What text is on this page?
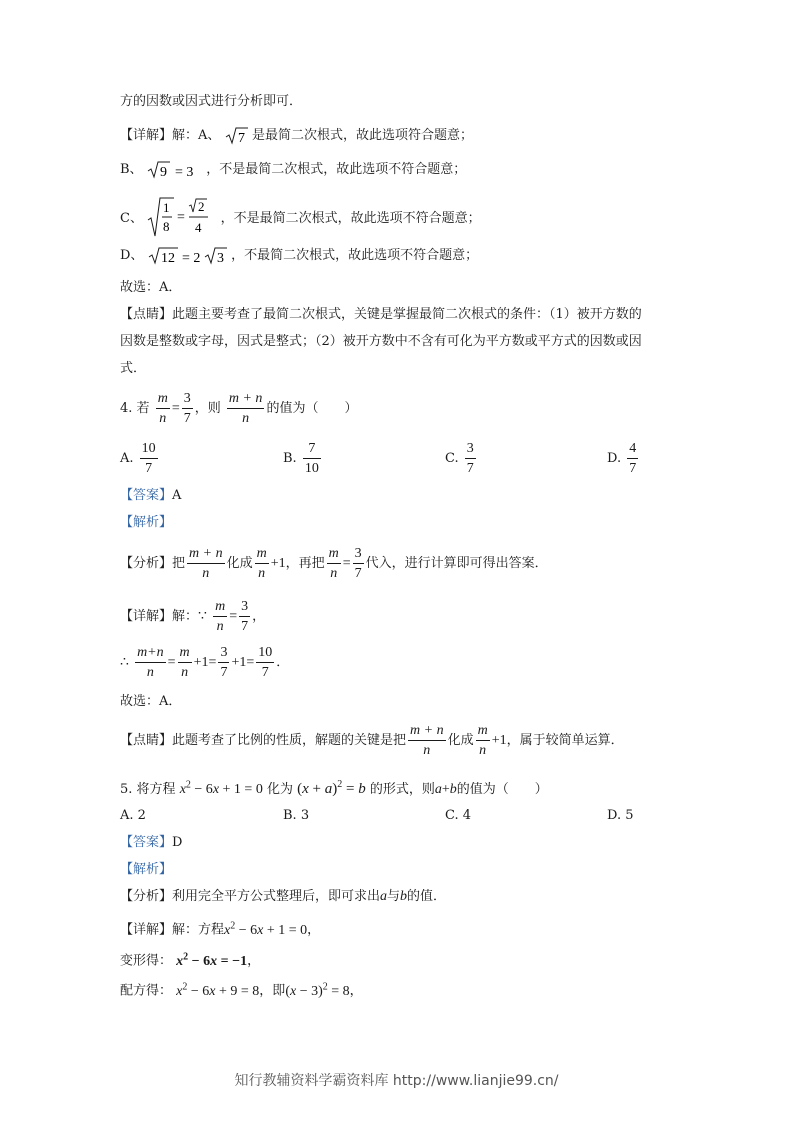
方的因数或因式进行分析即可．
【详解】解：A、 7 是最简二次根式，故此选项符合题意；
B、 9 = 3 ，不是最简二次根式，故此选项不符合题意；
C、
1
8
=
2
4
，不是最简二次根式，故此选项不符合题意；
D、 12 = 2 3 ，不最简二次根式，故此选项不符合题意；
故选：A．
【点睛】此题主要考查了最简二次根式，关键是掌握最简二次根式的条件：（1）被开方数的
因数是整数或字母，因式是整式；（2）被开方数中不含有可化为平方数或平方式的因数或因
式．
4. 若 $\frac{m}{n} = \frac{3}{7}$ ，则 $\frac{m + n}{n}$ 的值为（　　）
A. $\frac{10}{7}$	B. $\frac{7}{10}$	C. $\frac{3}{7}$	D. $\frac{4}{7}$
【答案】A
【解析】
【分析】把 $\frac{m + n}{n}$ 化成 $\frac{m}{n} +1$，再把 $\frac{m}{n} = \frac{3}{7}$ 代入，进行计算即可得出答案．
【详解】解：∵ $\frac{m}{n} = \frac{3}{7}$ ，
∴ $\frac{m+n}{n} = \frac{m}{n} +1= \frac{3}{7} +1= \frac{10}{7}$ ．
故选：A．
【点睛】此题考查了比例的性质，解题的关键是把 $\frac{m + n}{n}$ 化成 $\frac{m}{n} +1$，属于较简单运算．
5. 将方程 $x^2 - 6x + 1 = 0$ 化为 $(x + a)^2 = b$ 的形式，则a+b的值为（　　）
A. 2	B. 3	C. 4	D. 5
【答案】D
【解析】
【分析】利用完全平方公式整理后，即可求出a与b的值．
【详解】解：方程$x^2 - 6x + 1 = 0$，
变形得： $x^2 - 6x = -1$，
配方得： $x^2 - 6x + 9 = 8$，即$(x - 3)^2 = 8$，
知行教辅资料学霸资料库 http://www.lianjie99.cn/
